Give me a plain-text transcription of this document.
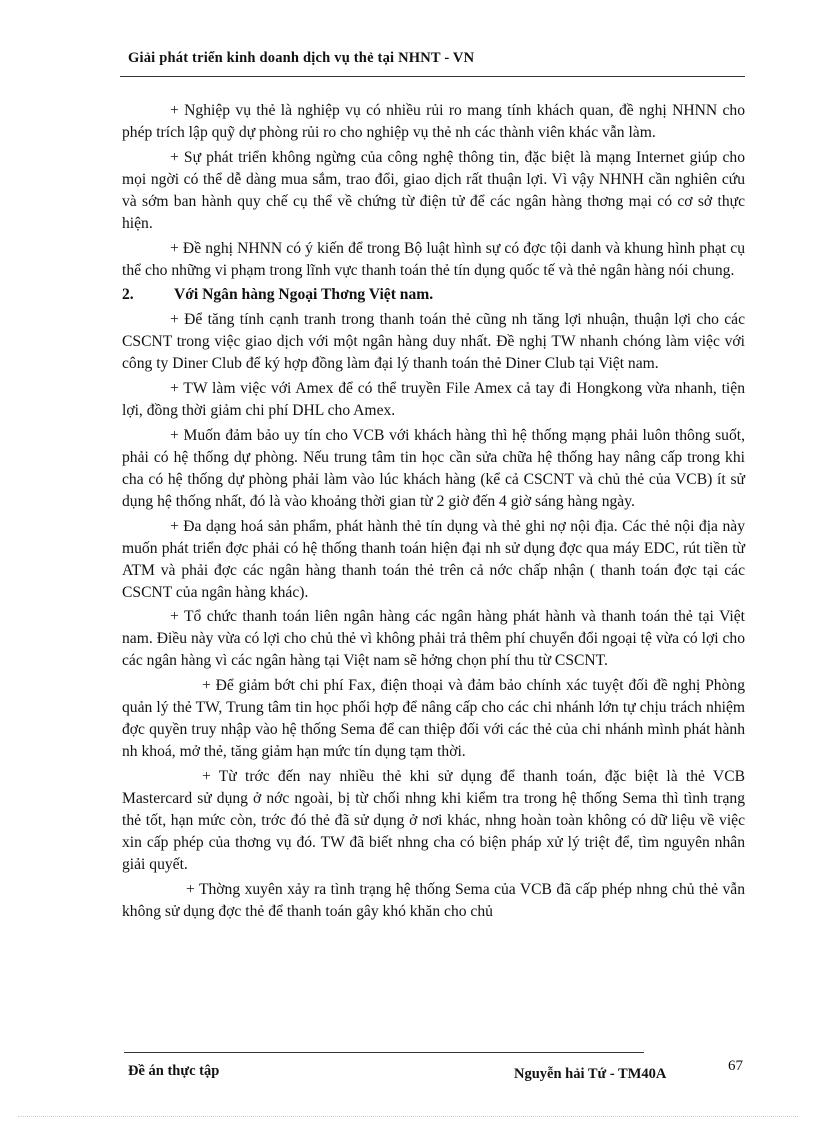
Giải phát triển kinh doanh dịch vụ thẻ tại NHNT - VN

+ Nghiệp vụ thẻ là nghiệp vụ có nhiều rủi ro mang tính khách quan, đề nghị NHNN cho phép trích lập quỹ dự phòng rủi ro cho nghiệp vụ thẻ nh các thành viên khác vẫn làm.

+ Sự phát triển không ngừng của công nghệ thông tin, đặc biệt là mạng Internet giúp cho mọi ngời có thể dễ dàng mua sắm, trao đổi, giao dịch rất thuận lợi. Vì vậy NHNH cần nghiên cứu và sớm ban hành quy chế cụ thể về chứng từ điện tử để các ngân hàng thơng mại có cơ sở thực hiện.

+ Đề nghị NHNN có ý kiến để trong Bộ luật hình sự có đợc tội danh và khung hình phạt cụ thể cho những vi phạm trong lĩnh vực thanh toán thẻ tín dụng quốc tế và thẻ ngân hàng nói chung.

2.	Với Ngân hàng Ngoại Thơng Việt nam.

+ Để tăng tính cạnh tranh trong thanh toán thẻ cũng nh tăng lợi nhuận, thuận lợi cho các CSCNT trong việc giao dịch với một ngân hàng duy nhất. Đề nghị TW nhanh chóng làm việc với công ty Diner Club để ký hợp đồng làm đại lý thanh toán thẻ Diner Club tại Việt nam.

+ TW làm việc với Amex để có thể truyền File Amex cả tay đi Hongkong vừa nhanh, tiện lợi, đồng thời giảm chi phí DHL cho Amex.

+ Muốn đảm bảo uy tín cho VCB với khách hàng thì hệ thống mạng phải luôn thông suốt, phải có hệ thống dự phòng. Nếu trung tâm tin học cần sửa chữa hệ thống hay nâng cấp trong khi cha có hệ thống dự phòng phải làm vào lúc khách hàng (kể cả CSCNT và chủ thẻ của VCB) ít sử dụng hệ thống nhất, đó là vào khoảng thời gian từ 2 giờ đến 4 giờ sáng hàng ngày.

+ Đa dạng hoá sản phẩm, phát hành thẻ tín dụng và thẻ ghi nợ nội địa. Các thẻ nội địa này muốn phát triển đợc phải có hệ thống thanh toán hiện đại nh sử dụng đợc qua máy EDC, rút tiền từ ATM và phải đợc các ngân hàng thanh toán thẻ trên cả nớc chấp nhận ( thanh toán đợc tại các CSCNT của ngân hàng khác).

+ Tổ chức thanh toán liên ngân hàng các ngân hàng phát hành và thanh toán thẻ tại Việt nam. Điều này vừa có lợi cho chủ thẻ vì không phải trả thêm phí chuyển đổi ngoại tệ vừa có lợi cho các ngân hàng vì các ngân hàng tại Việt nam sẽ hởng chọn phí thu từ CSCNT.

+ Để giảm bớt chi phí Fax, điện thoại và đảm bảo chính xác tuyệt đối đề nghị Phòng quản lý thẻ TW, Trung tâm tin học phối hợp để nâng cấp cho các chi nhánh lớn tự chịu trách nhiệm đợc quyền truy nhập vào hệ thống Sema để can thiệp đối với các thẻ của chi nhánh mình phát hành nh khoá, mở thẻ, tăng giảm hạn mức tín dụng tạm thời.

+ Từ trớc đến nay nhiều thẻ khi sử dụng để thanh toán, đặc biệt là thẻ VCB Mastercard sử dụng ở nớc ngoài, bị từ chối nhng khi kiểm tra trong hệ thống Sema thì tình trạng thẻ tốt, hạn mức còn, trớc đó thẻ đã sử dụng ở nơi khác, nhng hoàn toàn không có dữ liệu về việc xin cấp phép của thơng vụ đó. TW đã biết nhng cha có biện pháp xử lý triệt để, tìm nguyên nhân giải quyết.

+ Thờng xuyên xảy ra tình trạng hệ thống Sema của VCB đã cấp phép nhng chủ thẻ vẫn không sử dụng đợc thẻ để thanh toán gây khó khăn cho chủ

Đề án thực tập	Nguyễn hải Tứ - TM40A	67
